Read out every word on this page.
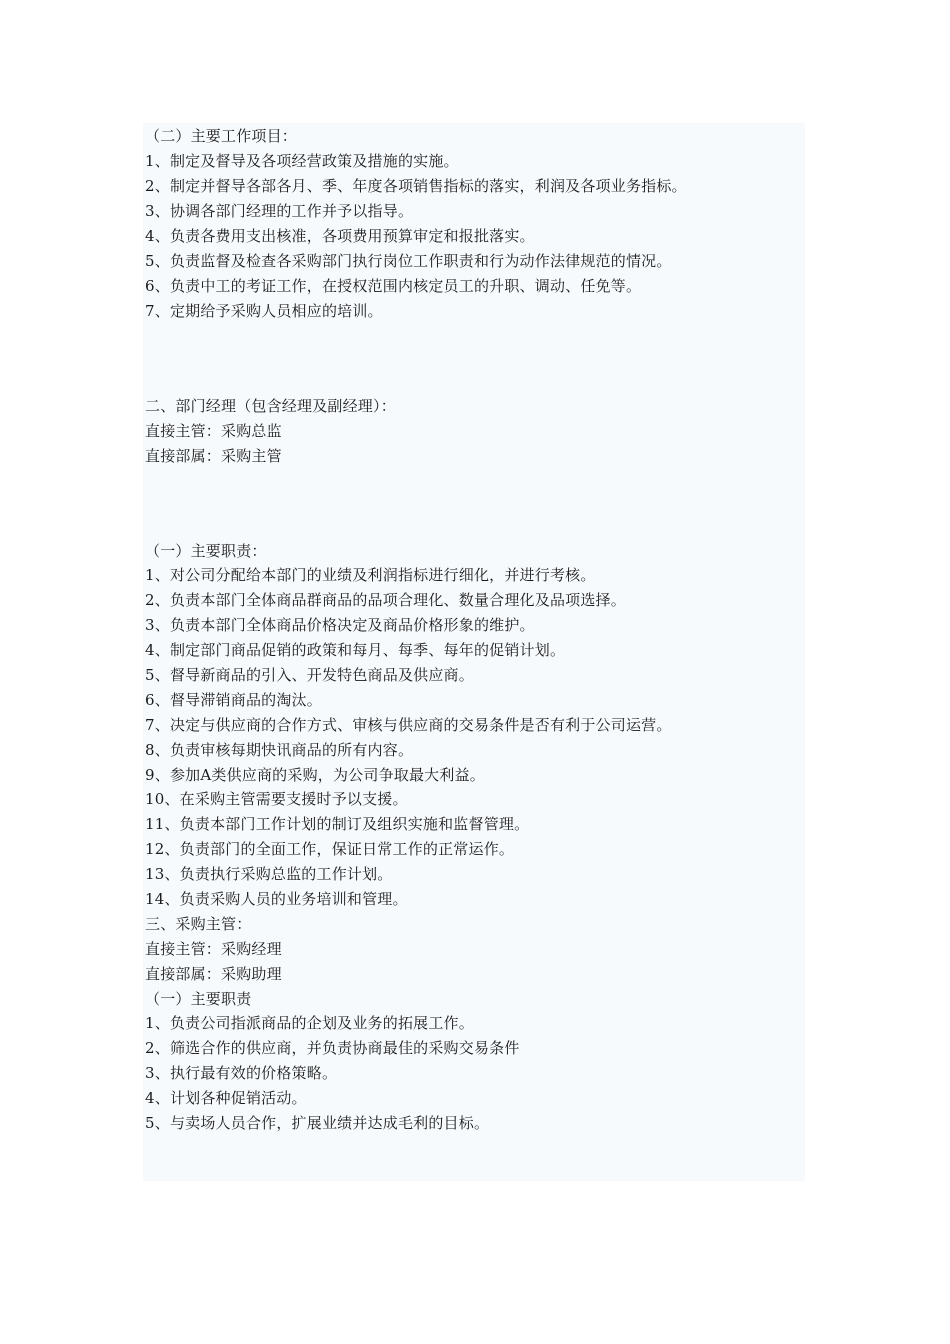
（二）主要工作项目：
1、制定及督导及各项经营政策及措施的实施。
2、制定并督导各部各月、季、年度各项销售指标的落实，利润及各项业务指标。
3、协调各部门经理的工作并予以指导。
4、负责各费用支出核准，各项费用预算审定和报批落实。
5、负责监督及检查各采购部门执行岗位工作职责和行为动作法律规范的情况。
6、负责中工的考证工作，在授权范围内核定员工的升职、调动、任免等。
7、定期给予采购人员相应的培训。
二、部门经理（包含经理及副经理）：
直接主管：采购总监
直接部属：采购主管
（一）主要职责：
1、对公司分配给本部门的业绩及利润指标进行细化，并进行考核。
2、负责本部门全体商品群商品的品项合理化、数量合理化及品项选择。
3、负责本部门全体商品价格决定及商品价格形象的维护。
4、制定部门商品促销的政策和每月、每季、每年的促销计划。
5、督导新商品的引入、开发特色商品及供应商。
6、督导滞销商品的淘汰。
7、决定与供应商的合作方式、审核与供应商的交易条件是否有利于公司运营。
8、负责审核每期快讯商品的所有内容。
9、参加A类供应商的采购，为公司争取最大利益。
10、在采购主管需要支援时予以支援。
11、负责本部门工作计划的制订及组织实施和监督管理。
12、负责部门的全面工作，保证日常工作的正常运作。
13、负责执行采购总监的工作计划。
14、负责采购人员的业务培训和管理。
三、采购主管：
直接主管：采购经理
直接部属：采购助理
（一）主要职责
1、负责公司指派商品的企划及业务的拓展工作。
2、筛选合作的供应商，并负责协商最佳的采购交易条件
3、执行最有效的价格策略。
4、计划各种促销活动。
5、与卖场人员合作，扩展业绩并达成毛利的目标。
